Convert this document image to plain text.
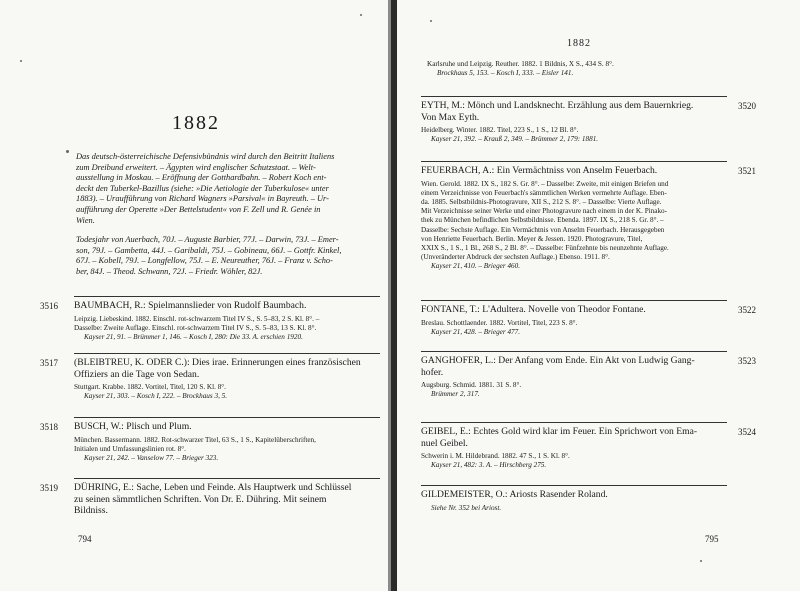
1882
Das deutsch-österreichische Defensivbündnis wird durch den Beitritt Italiens
zum Dreibund erweitert. – Ägypten wird englischer Schutzstaat. – Welt-
ausstellung in Moskau. – Eröffnung der Gotthardbahn. – Robert Koch ent-
deckt den Tuberkel-Bazillus (siehe: »Die Aetiologie der Tuberkulose« unter
1883). – Uraufführung von Richard Wagners »Parsival« in Bayreuth. – Ur-
aufführung der Operette »Der Bettelstudent« von F. Zell und R. Genée in
Wien.
Todesjahr von Auerbach, 70J. – Auguste Barbier, 77J. – Darwin, 73J. – Emer-
son, 79J. – Gambetta, 44J. – Garibaldi, 75J. – Gobineau, 66J. – Gottfr. Kinkel,
67J. – Kobell, 79J. – Longfellow, 75J. – E. Neureuther, 76J. – Franz v. Scho-
ber, 84J. – Theod. Schwann, 72J. – Friedr. Wöhler, 82J.
3516 BAUMBACH, R.: Spielmannslieder von Rudolf Baumbach.
Leipzig. Liebeskind. 1882. Einschl. rot-schwarzem Titel IV S., S. 5–83, 2 S. Kl. 8°. –
Dasselbe: Zweite Auflage. Einschl. rot-schwarzem Titel IV S., S. 5–83, 13 S. Kl. 8°.
Kayser 21, 91. – Brümmer 1, 146. – Kosch I, 280: Die 33. A. erschien 1920.
3517 (BLEIBTREU, K. ODER C.): Dies irae. Erinnerungen eines französischen
Offiziers an die Tage von Sedan.
Stuttgart. Krabbe. 1882. Vortitel, Titel, 120 S. Kl. 8°.
Kayser 21, 303. – Kosch I, 222. – Brockhaus 3, 5.
3518 BUSCH, W.: Plisch und Plum.
München. Bassermann. 1882. Rot-schwarzer Titel, 63 S., 1 S., Kapitelüberschriften,
Initialen und Umfassungslinien rot. 8°.
Kayser 21, 242. – Vanselow 77. – Brieger 323.
3519 DÜHRING, E.: Sache, Leben und Feinde. Als Hauptwerk und Schlüssel
zu seinen sämmtlichen Schriften. Von Dr. E. Dühring. Mit seinem
Bildniss.
794
1882
Karlsruhe und Leipzig. Reuther. 1882. 1 Bildnis, X S., 434 S. 8°.
Brockhaus 5, 153. – Kosch I, 333. – Eisler 141.
3520
EYTH, M.: Mönch und Landsknecht. Erzählung aus dem Bauernkrieg.
Von Max Eyth.
Heidelberg. Winter. 1882. Titel, 223 S., 1 S., 12 Bl. 8°.
Kayser 21, 392. – Krauß 2, 349. – Brümmer 2, 179: 1881.
3521
FEUERBACH, A.: Ein Vermächtniss von Anselm Feuerbach.
Wien. Gerold. 1882. IX S., 182 S. Gr. 8°. – Dasselbe: Zweite, mit einigen Briefen und
einem Verzeichnisse von Feuerbach's sämmtlichen Werken vermehrte Auflage. Eben-
da. 1885. Selbstbildnis-Photogravure, XII S., 212 S. 8°. – Dasselbe: Vierte Auflage.
Mit Verzeichnisse seiner Werke und einer Photogravure nach einem in der K. Pinako-
thek zu München befindlichen Selbstbildnisse. Ebenda. 1897. IX S., 218 S. Gr. 8°. –
Dasselbe: Sechste Auflage. Ein Vermächtnis von Anselm Feuerbach. Herausgegeben
von Henriette Feuerbach. Berlin. Meyer & Jessen. 1920. Photogravure, Titel,
XXIX S., 1 S., 1 Bl., 268 S., 2 Bl. 8°. – Dasselbe: Fünfzehnte bis neunzehnte Auflage.
(Unveränderter Abdruck der sechsten Auflage.) Ebenso. 1911. 8°.
Kayser 21, 410. – Brieger 460.
3522
FONTANE, T.: L'Adultera. Novelle von Theodor Fontane.
Breslau. Schottlaender. 1882. Vortitel, Titel, 223 S. 8°.
Kayser 21, 428. – Brieger 477.
3523
GANGHOFER, L.: Der Anfang vom Ende. Ein Akt von Ludwig Gang-
hofer.
Augsburg. Schmid. 1881. 31 S. 8°.
Brümmer 2, 317.
3524
GEIBEL, E.: Echtes Gold wird klar im Feuer. Ein Sprichwort von Ema-
nuel Geibel.
Schwerin i. M. Hildebrand. 1882. 47 S., 1 S. Kl. 8°.
Kayser 21, 482: 3. A. – Hirschberg 275.
GILDEMEISTER, O.: Ariosts Rasender Roland.
Siehe Nr. 352 bei Ariost.
795
